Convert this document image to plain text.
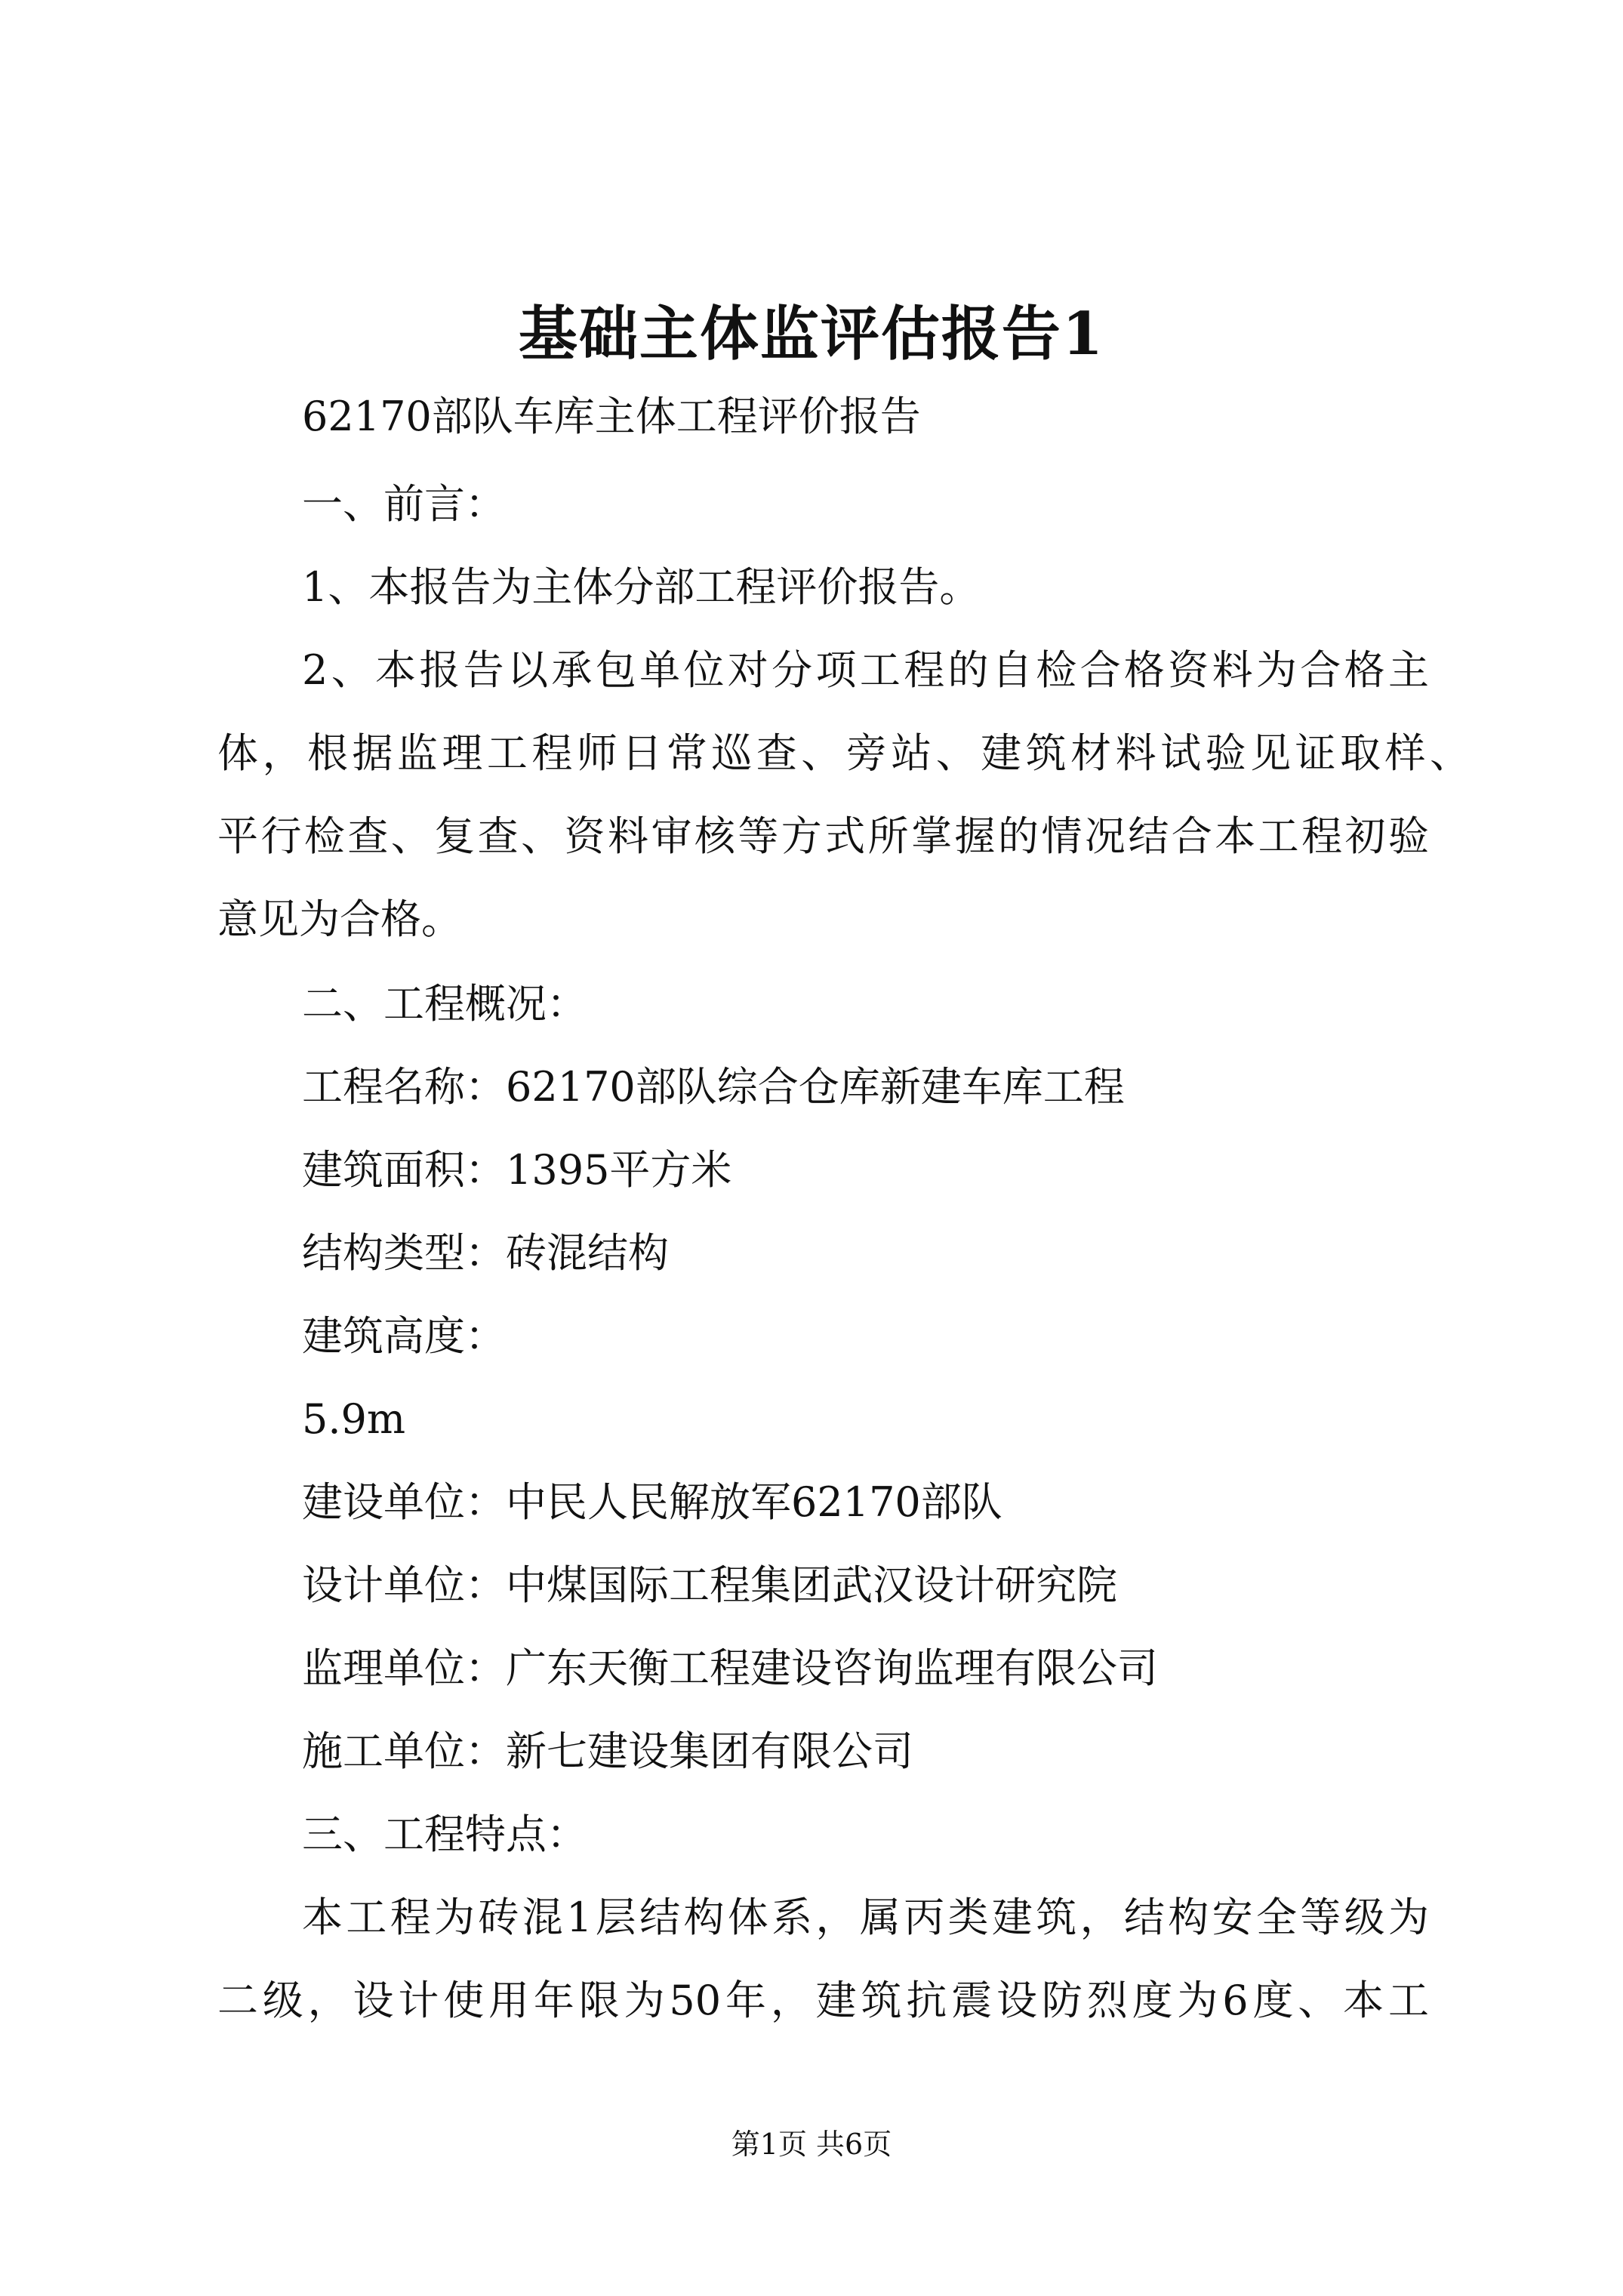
基础主体监评估报告1
62170部队车库主体工程评价报告
一、前言：
1、本报告为主体分部工程评价报告。
2、本报告以承包单位对分项工程的自检合格资料为合格主
体，根据监理工程师日常巡查、旁站、建筑材料试验见证取样、
平行检查、复查、资料审核等方式所掌握的情况结合本工程初验
意见为合格。
二、工程概况：
工程名称：62170部队综合仓库新建车库工程
建筑面积：1395平方米
结构类型：砖混结构
建筑高度：
5.9m
建设单位：中民人民解放军62170部队
设计单位：中煤国际工程集团武汉设计研究院
监理单位：广东天衡工程建设咨询监理有限公司
施工单位：新七建设集团有限公司
三、工程特点：
本工程为砖混1层结构体系，属丙类建筑，结构安全等级为
二级，设计使用年限为50年，建筑抗震设防烈度为6度、本工
第1页 共6页
